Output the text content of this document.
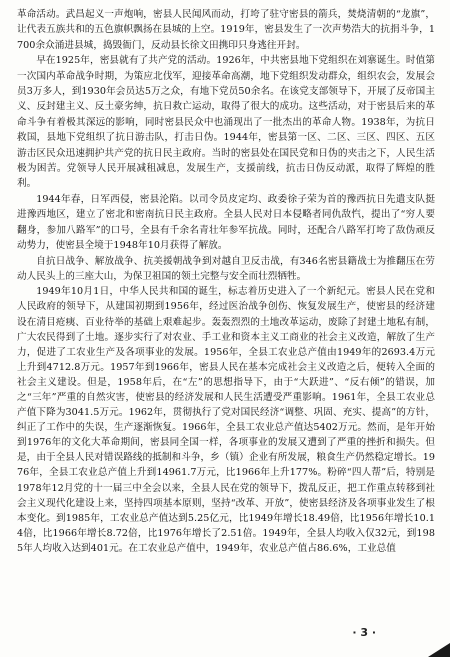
革命活动。武昌起义一声炮响，密县人民闻风而动，打垮了驻守密县的箭兵，焚烧清朝的“龙旗”，让代表五族共和的五色旗帜飘扬在县城的上空。1919年，密县发生了一次声势浩大的抗捐斗争，1700余众涌进县城，捣毁衙门，反动县长徐文田携印只身逃往开封。

早在1925年，密县就有了共产党的活动。1926年，中共密县地下党组织在刘寨诞生。时值第一次国内革命战争时期，为策应北伐军，迎接革命高潮，地下党组织发动群众，组织农会，发展会员3万多人，到1930年会员达5万之众，有地下党员50余名。在该党支部领导下，开展了反帝国主义、反封建主义、反土豪劣绅，抗日救亡运动，取得了很大的成功。这些活动，对于密县后来的革命斗争有着极其深远的影响，同时密县民众中也涌现出了一批杰出的革命人物。1938年，为抗日救国，县地下党组织了抗日游击队，打击日伪。1944年，密县第一区、二区、三区、四区、五区游击区民众迅速拥护共产党的抗日民主政府。当时的密县处在国民党和日伪的夹击之下，人民生活极为困苦。党领导人民开展减租减息，发展生产，支援前线，抗击日伪反动派，取得了辉煌的胜利。

1944年春，日军西侵，密县沦陷。以司令员皮定均、政委徐子荣为首的豫西抗日先遣支队挺进豫西地区，建立了密北和密南抗日民主政府。全县人民对日本侵略者同仇敌忾，提出了“穷人要翻身，参加八路军”的口号，全县有千余名青壮年参军抗战。同时，还配合八路军打垮了敌伪顽反动势力，使密县全境于1948年10月获得了解放。

自抗日战争、解放战争、抗美援朝战争到对越自卫反击战，有346名密县籍战士为推翻压在劳动人民头上的三座大山，为保卫祖国的领土完整与安全而壮烈牺牲。

1949年10月1日，中华人民共和国的诞生，标志着历史进入了一个新纪元。密县人民在党和人民政府的领导下，从建国初期到1956年，经过医治战争创伤、恢复发展生产，使密县的经济建设在清目疮痍、百业待举的基础上艰难起步。轰轰烈烈的土地改革运动，废除了封建土地私有制，广大农民得到了土地。逐步实行了对农业、手工业和资本主义工商业的社会主义改造，解放了生产力，促进了工农业生产及各项事业的发展。1956年，全县工农业总产值由1949年的2693.4万元上升到4712.8万元。1957年到1966年，密县人民在基本完成社会主义改造之后，便转入全面的社会主义建设。但是，1958年后，在“左”的思想指导下，由于“大跃进”、“反右倾”的错误，加之“三年”严重的自然灾害，使密县的经济发展和人民生活遭受严重影响。1961年，全县工农业总产值下降为3041.5万元。1962年，贯彻执行了党对国民经济“调整、巩固、充实、提高”的方针，纠正了工作中的失误，生产逐渐恢复。1966年，全县工农业总产值达5402万元。然而，是年开始到1976年的文化大革命期间，密县同全国一样，各项事业的发展又遭到了严重的挫折和损失。但是，由于全县人民对错误路线的抵制和斗争，乡（镇）企业有所发展，粮食生产仍然稳定增长。1976年，全县工农业总产值上升到14961.7万元，比1966年上升177%。粉碎“四人帮”后，特别是1978年12月党的十一届三中全会以来，全县人民在党的领导下，拨乱反正，把工作重点转移到社会主义现代化建设上来，坚持四项基本原则，坚持“改革、开放”，使密县经济及各项事业发生了根本变化。到1985年，工农业总产值达到5.25亿元，比1949年增长18.49倍，比1956年增长10.14倍，比1966年增长8.72倍，比1976年增长了2.51倍。1949年，全县人均收入仅32元，到1985年人均收入达到401元。在工农业总产值中，1949年，农业总产值占86.6%，工业总值

· 3 ·
